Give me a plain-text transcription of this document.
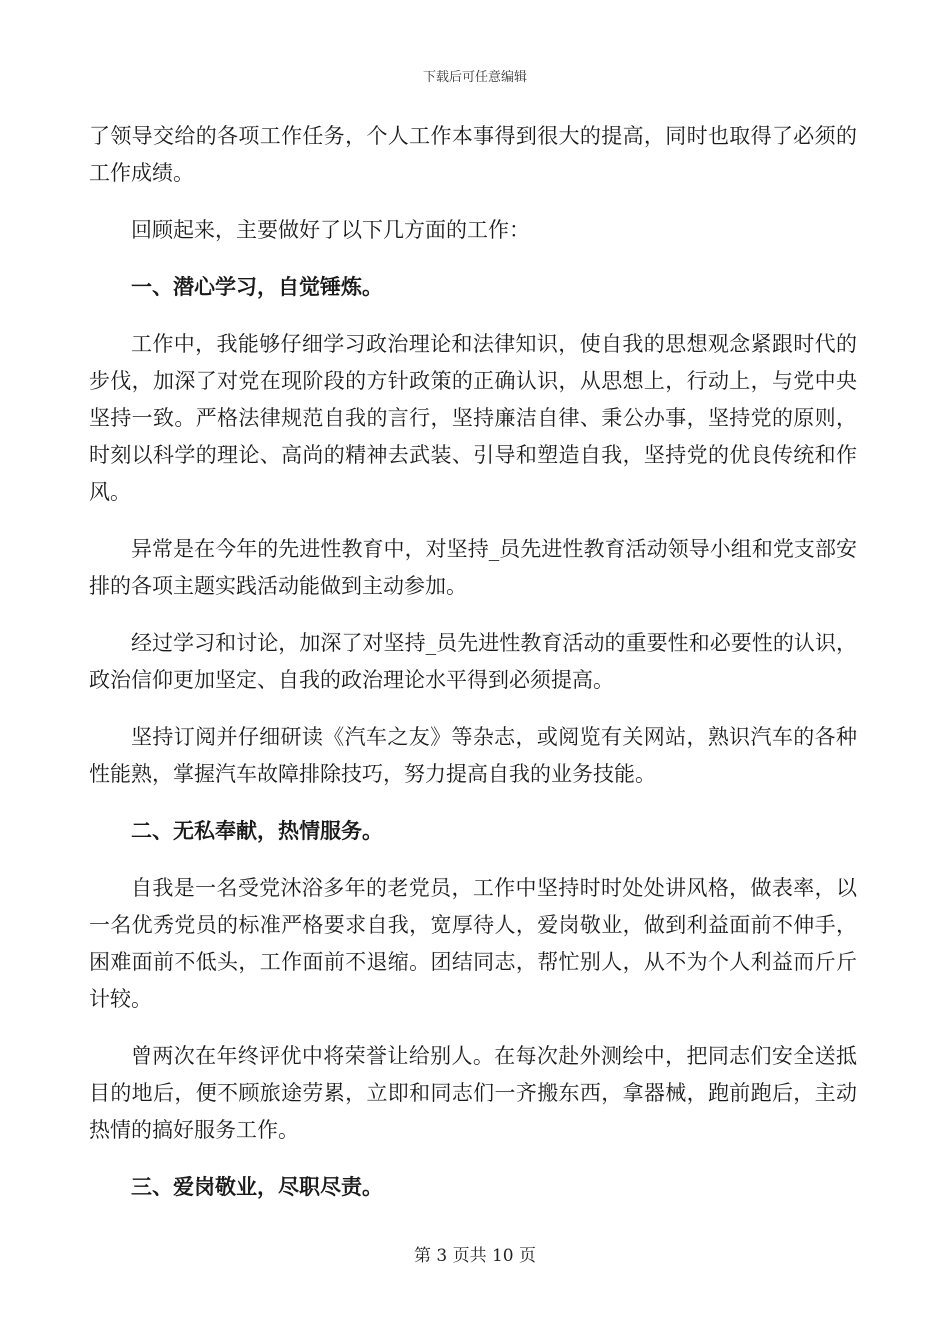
下载后可任意编辑

了领导交给的各项工作任务，个人工作本事得到很大的提高，同时也取得了必须的工作成绩。

回顾起来，主要做好了以下几方面的工作：

一、潜心学习，自觉锤炼。

工作中，我能够仔细学习政治理论和法律知识，使自我的思想观念紧跟时代的步伐，加深了对党在现阶段的方针政策的正确认识，从思想上，行动上，与党中央坚持一致。严格法律规范自我的言行，坚持廉洁自律、秉公办事，坚持党的原则，时刻以科学的理论、高尚的精神去武装、引导和塑造自我，坚持党的优良传统和作风。

异常是在今年的先进性教育中，对坚持_员先进性教育活动领导小组和党支部安排的各项主题实践活动能做到主动参加。

经过学习和讨论，加深了对坚持_员先进性教育活动的重要性和必要性的认识，政治信仰更加坚定、自我的政治理论水平得到必须提高。

坚持订阅并仔细研读《汽车之友》等杂志，或阅览有关网站，熟识汽车的各种性能熟，掌握汽车故障排除技巧，努力提高自我的业务技能。

二、无私奉献，热情服务。

自我是一名受党沐浴多年的老党员，工作中坚持时时处处讲风格，做表率，以一名优秀党员的标准严格要求自我，宽厚待人，爱岗敬业，做到利益面前不伸手，困难面前不低头，工作面前不退缩。团结同志，帮忙别人，从不为个人利益而斤斤计较。

曾两次在年终评优中将荣誉让给别人。在每次赴外测绘中，把同志们安全送抵目的地后，便不顾旅途劳累，立即和同志们一齐搬东西，拿器械，跑前跑后，主动热情的搞好服务工作。

三、爱岗敬业，尽职尽责。

第 3 页共 10 页
